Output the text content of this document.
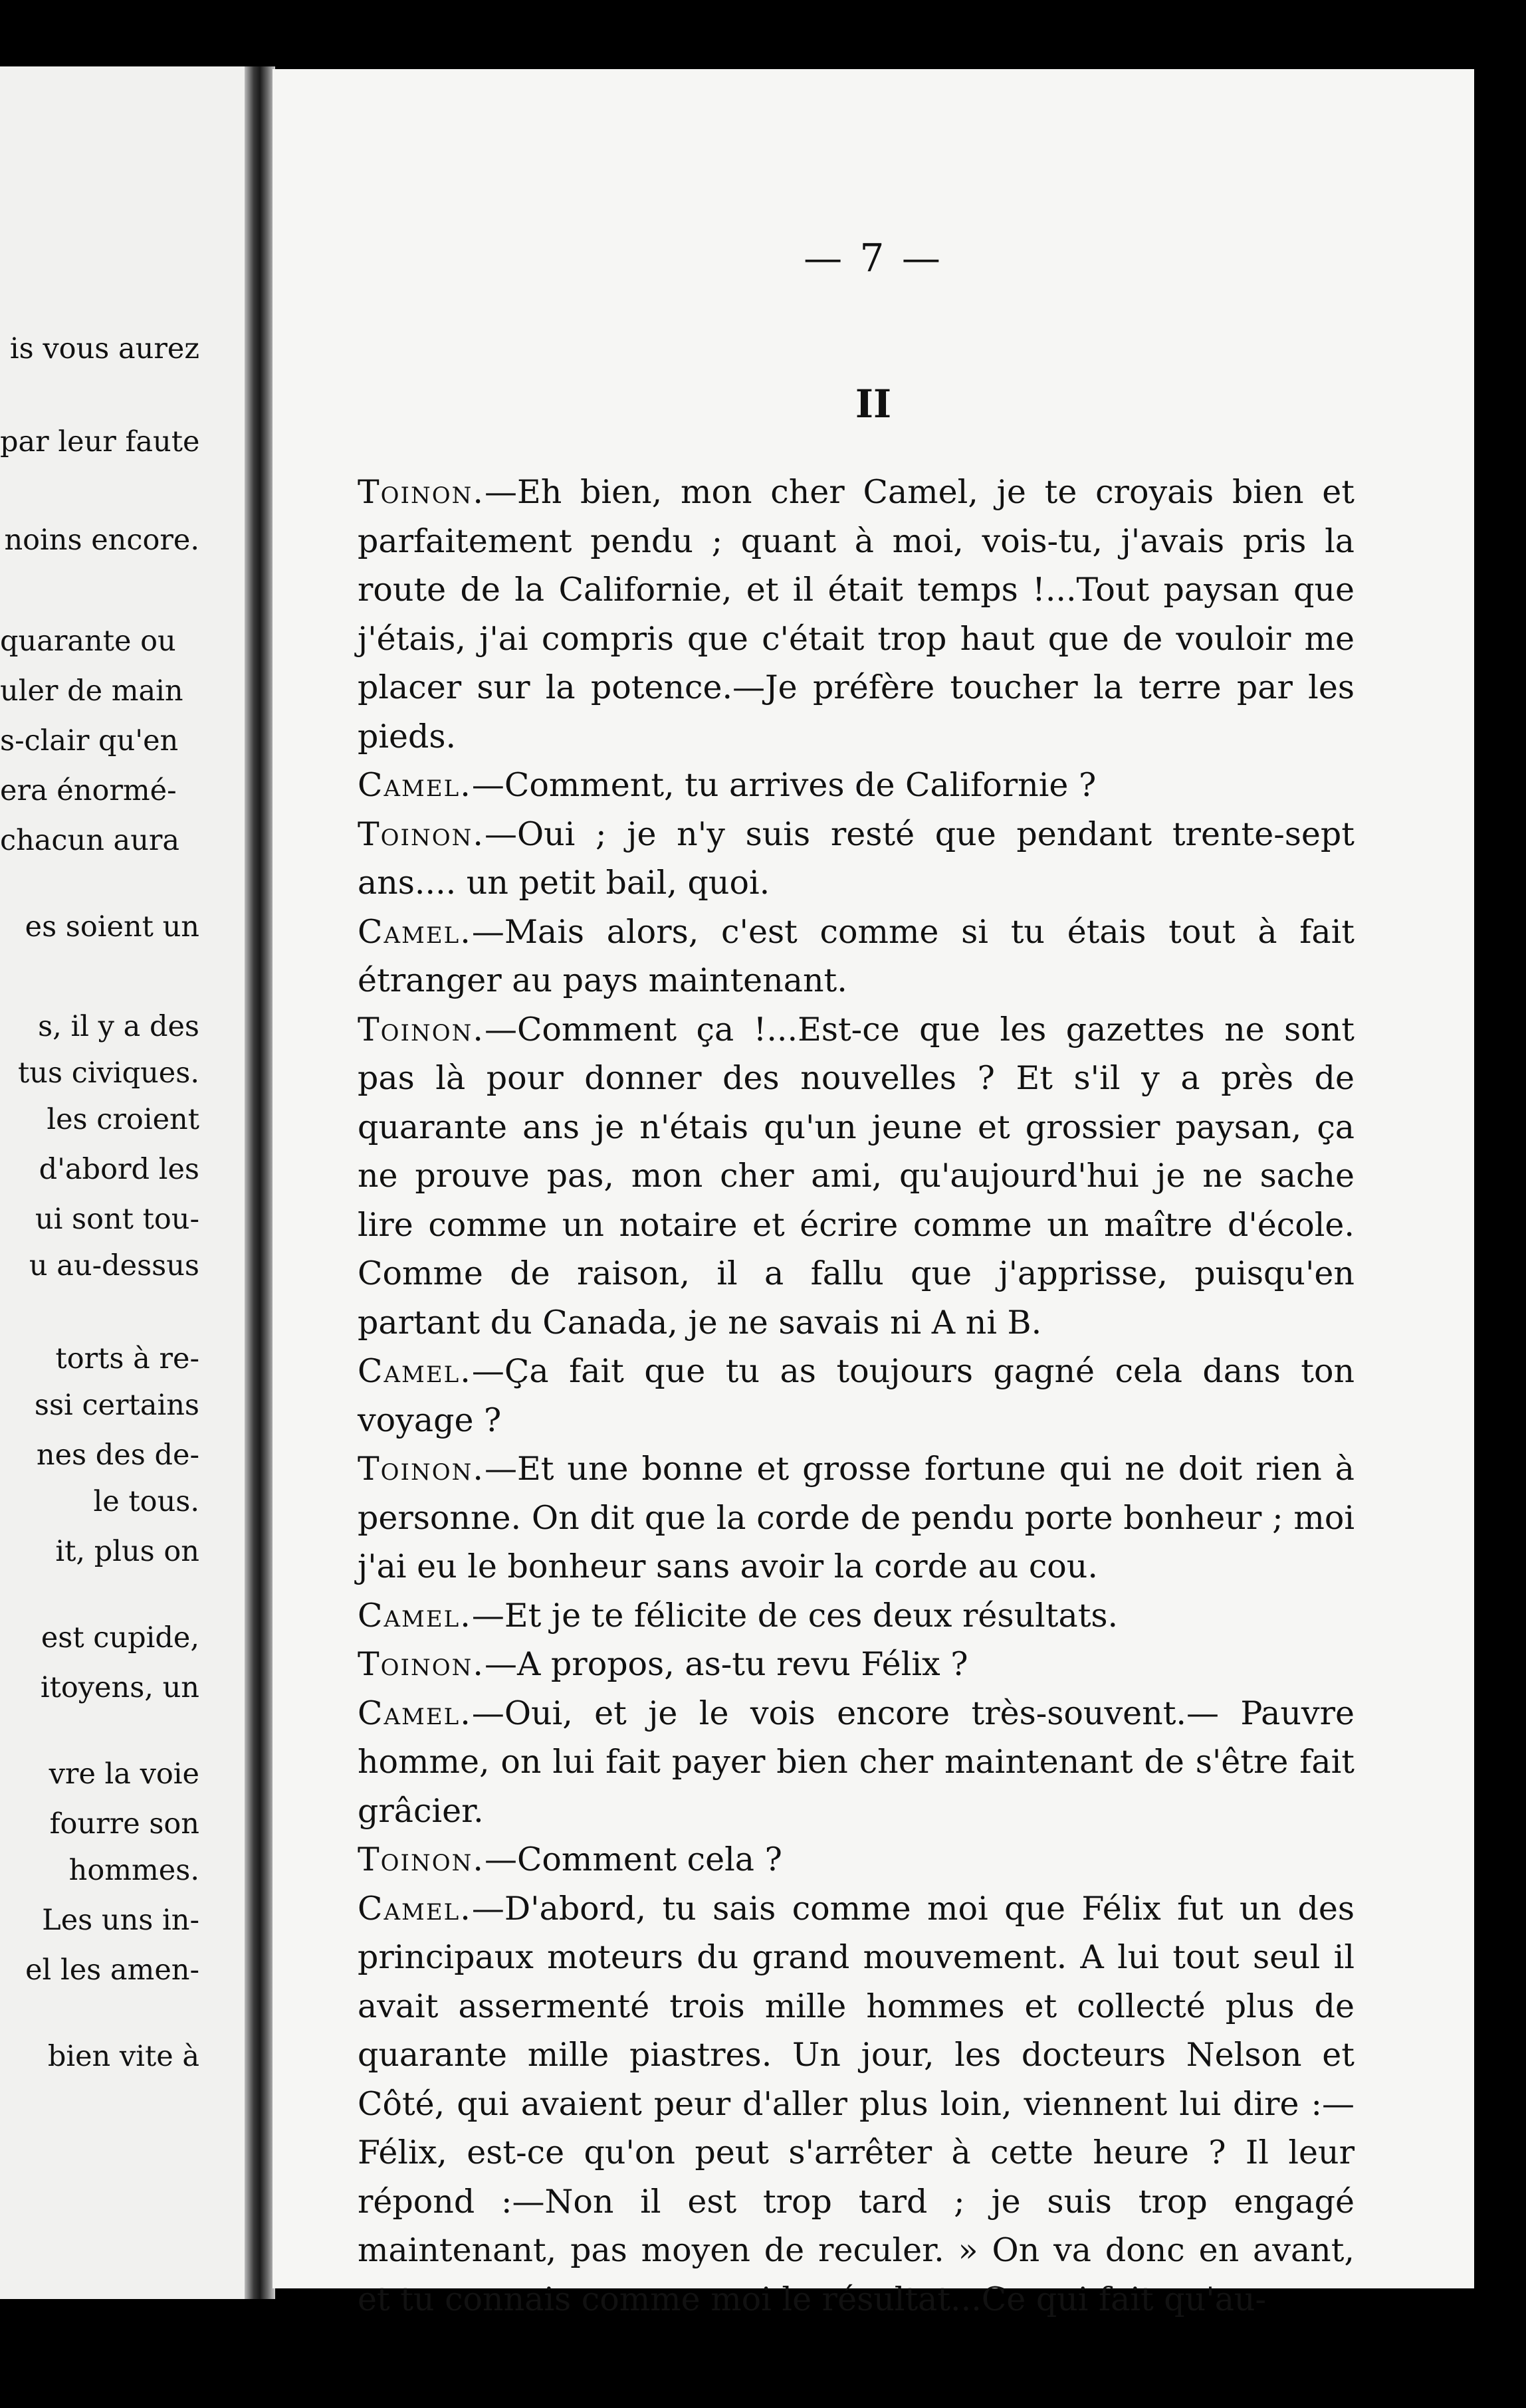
is vous aurez
par leur faute
noins encore.
quarante ou
uler de main
s-clair qu'en
era énormé-
chacun aura
es soient un
s, il y a des
tus civiques.
les croient
d'abord les
ui sont tou-
u au-dessus
torts à re-
ssi certains
nes des de-
le tous.
it, plus on
est cupide,
itoyens, un
vre la voie
fourre son
hommes.
Les uns in-
el les amen-
bien vite à
— 7 —
II

Toinon.—Eh bien, mon cher Camel, je te croyais bien et parfaitement pendu ; quant à moi, vois-tu, j'avais pris la route de la Californie, et il était temps !...Tout paysan que j'étais, j'ai compris que c'était trop haut que de vouloir me placer sur la potence.—Je préfère toucher la terre par les pieds.

Camel.—Comment, tu arrives de Californie ?

Toinon.—Oui ; je n'y suis resté que pendant trente-sept ans.... un petit bail, quoi.

Camel.—Mais alors, c'est comme si tu étais tout à fait étranger au pays maintenant.

Toinon.—Comment ça !...Est-ce que les gazettes ne sont pas là pour donner des nouvelles ? Et s'il y a près de quarante ans je n'étais qu'un jeune et grossier paysan, ça ne prouve pas, mon cher ami, qu'aujourd'hui je ne sache lire comme un notaire et écrire comme un maître d'école. Comme de raison, il a fallu que j'apprisse, puisqu'en partant du Canada, je ne savais ni A ni B.

Camel.—Ça fait que tu as toujours gagné cela dans ton voyage ?

Toinon.—Et une bonne et grosse fortune qui ne doit rien à personne. On dit que la corde de pendu porte bonheur ; moi j'ai eu le bonheur sans avoir la corde au cou.

Camel.—Et je te félicite de ces deux résultats.

Toinon.—A propos, as-tu revu Félix ?

Camel.—Oui, et je le vois encore très-souvent.— Pauvre homme, on lui fait payer bien cher maintenant de s'être fait grâcier.

Toinon.—Comment cela ?

Camel.—D'abord, tu sais comme moi que Félix fut un des principaux moteurs du grand mouvement. A lui tout seul il avait assermenté trois mille hommes et collecté plus de quarante mille piastres. Un jour, les docteurs Nelson et Côté, qui avaient peur d'aller plus loin, viennent lui dire :—Félix, est-ce qu'on peut s'arrêter à cette heure ? Il leur répond :—Non il est trop tard ; je suis trop engagé maintenant, pas moyen de reculer. » On va donc en avant, et tu connais comme moi le résultat...Ce qui fait qu'au-
